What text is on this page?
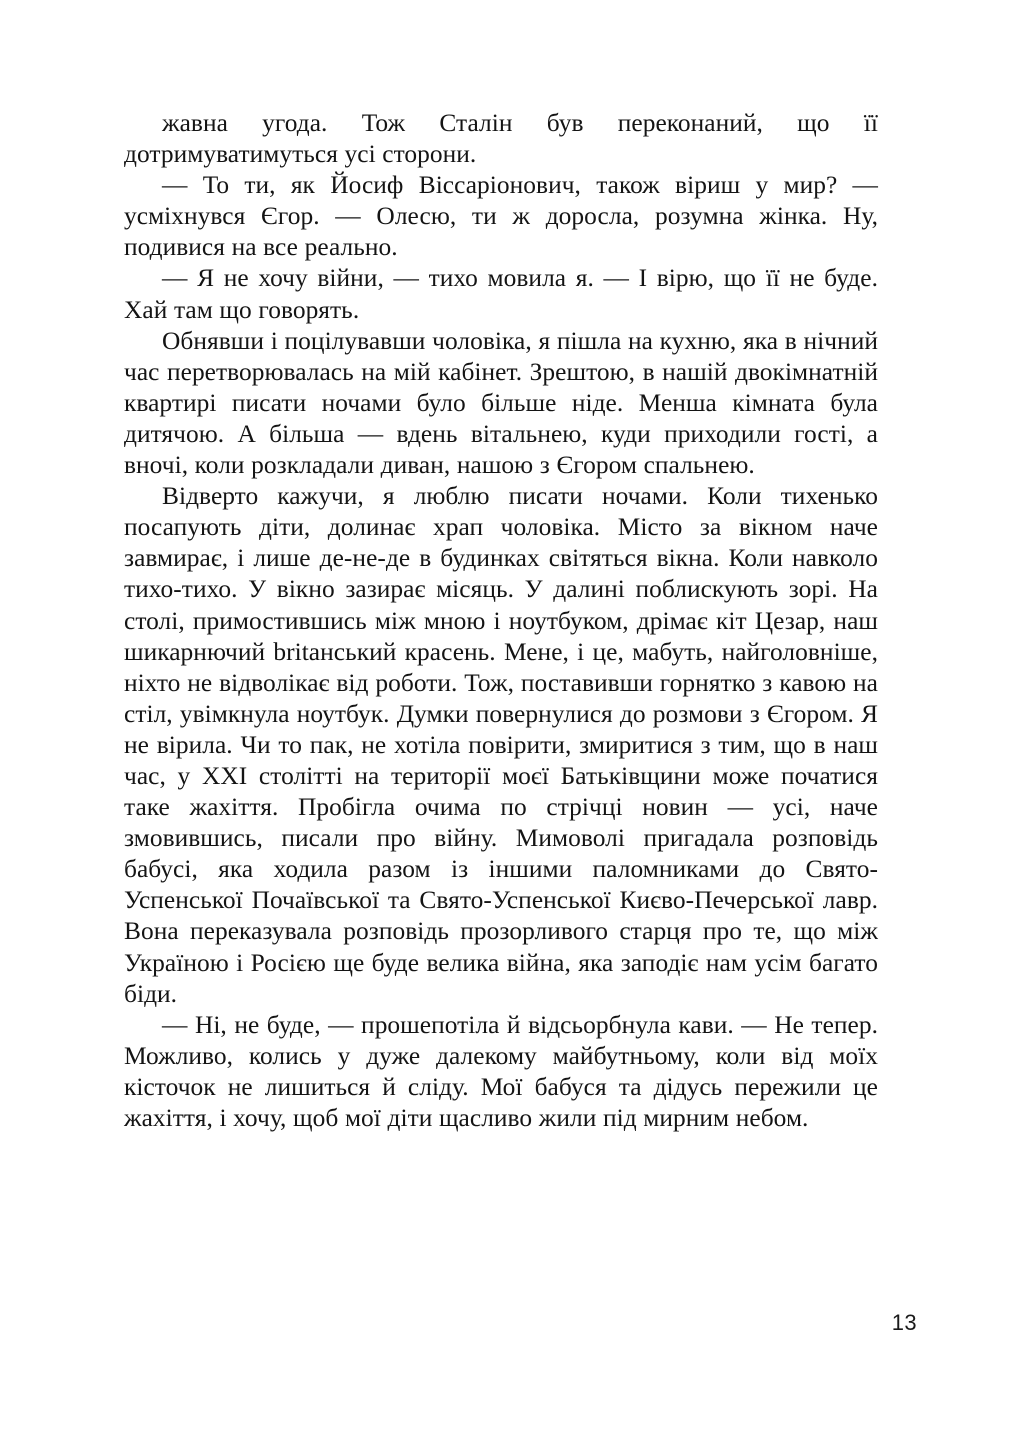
жавна угода. Тож Сталін був переконаний, що її дотримуватимуться усі сторони.

— То ти, як Йосиф Віссаріонович, також віриш у мир? — усміхнувся Єгор. — Олесю, ти ж доросла, розумна жінка. Ну, подивися на все реально.

— Я не хочу війни, — тихо мовила я. — І вірю, що її не буде. Хай там що говорять.

Обнявши і поцілувавши чоловіка, я пішла на кухню, яка в нічний час перетворювалась на мій кабінет. Зрештою, в нашій двокімнатній квартирі писати ночами було більше ніде. Менша кімната була дитячою. А більша — вдень вітальнею, куди приходили гості, а вночі, коли розкладали диван, нашою з Єгором спальнею.

Відверто кажучи, я люблю писати ночами. Коли тихенько посапують діти, долинає храп чоловіка. Місто за вікном наче завмирає, і лише де-не-де в будинках світяться вікна. Коли навколо тихо-тихо. У вікно зазирає місяць. У далині поблискують зорі. На столі, примостившись між мною і ноутбуком, дрімає кіт Цезар, наш шикарнючий britанський красень. Мене, і це, мабуть, найголовніше, ніхто не відволікає від роботи. Тож, поставивши горнятко з кавою на стіл, увімкнула ноутбук. Думки повернулися до розмови з Єгором. Я не вірила. Чи то пак, не хотіла повірити, змиритися з тим, що в наш час, у XXI столітті на території моєї Батьківщини може початися таке жахіття. Пробігла очима по стрічці новин — усі, наче змовившись, писали про війну. Мимоволі пригадала розповідь бабусі, яка ходила разом із іншими паломниками до Свято-Успенської Почаївської та Свято-Успенської Києво-Печерської лавр. Вона переказувала розповідь прозорливого старця про те, що між Україною і Росією ще буде велика війна, яка заподіє нам усім багато біди.

— Ні, не буде, — прошепотіла й відсьорбнула кави. — Не тепер. Можливо, колись у дуже далекому майбутньому, коли від моїх кісточок не лишиться й сліду. Мої бабуся та дідусь пережили це жахіття, і хочу, щоб мої діти щасливо жили під мирним небом.

13
